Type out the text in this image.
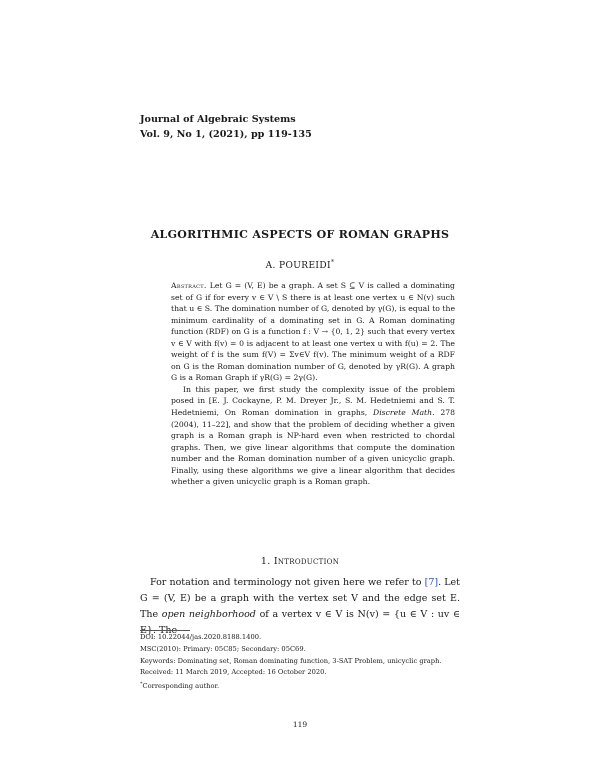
Journal of Algebraic Systems
Vol. 9, No 1, (2021), pp 119-135
ALGORITHMIC ASPECTS OF ROMAN GRAPHS
A. POUREIDI*

Abstract. Let G = (V, E) be a graph. A set S ⊆ V is called a dominating set of G if for every v ∈ V \ S there is at least one vertex u ∈ N(v) such that u ∈ S. The domination number of G, denoted by γ(G), is equal to the minimum cardinality of a dominating set in G. A Roman dominating function (RDF) on G is a function f : V → {0, 1, 2} such that every vertex v ∈ V with f(v) = 0 is adjacent to at least one vertex u with f(u) = 2. The weight of f is the sum f(V) = Σv∈V f(v). The minimum weight of a RDF on G is the Roman domination number of G, denoted by γR(G). A graph G is a Roman Graph if γR(G) = 2γ(G).

In this paper, we first study the complexity issue of the problem posed in [E. J. Cockayne, P. M. Dreyer Jr., S. M. Hedetniemi and S. T. Hedetniemi, On Roman domination in graphs, Discrete Math. 278 (2004), 11–22], and show that the problem of deciding whether a given graph is a Roman graph is NP-hard even when restricted to chordal graphs. Then, we give linear algorithms that compute the domination number and the Roman domination number of a given unicyclic graph. Finally, using these algorithms we give a linear algorithm that decides whether a given unicyclic graph is a Roman graph.

1. Introduction

For notation and terminology not given here we refer to [7]. Let G = (V, E) be a graph with the vertex set V and the edge set E. The open neighborhood of a vertex v ∈ V is N(v) = {u ∈ V : uv ∈ E}. The

DOI: 10.22044/jas.2020.8188.1400.
MSC(2010): Primary: 05C85; Secondary: 05C69.
Keywords: Dominating set, Roman dominating function, 3-SAT Problem, unicyclic graph.
Received: 11 March 2019, Accepted: 16 October 2020.
*Corresponding author.
119
